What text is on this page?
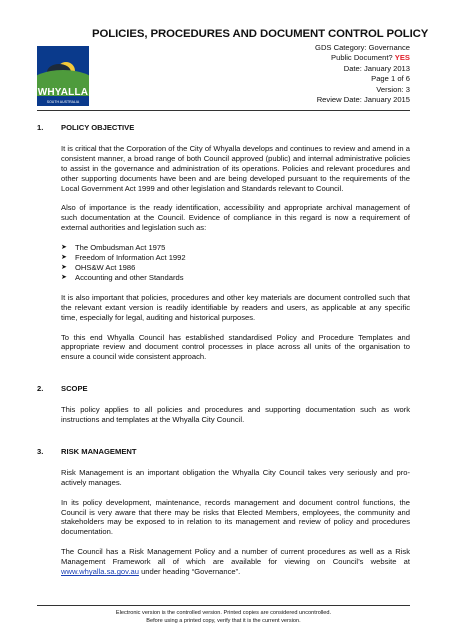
WHYALLA
SOUTH AUSTRALIA
POLICIES, PROCEDURES AND DOCUMENT CONTROL POLICY
GDS Category: Governance
Public Document? YES
Date: January 2013
Page 1 of 6
Version: 3
Review Date: January 2015
1.	POLICY OBJECTIVE

It is critical that the Corporation of the City of Whyalla develops and continues to review and amend in a consistent manner, a broad range of both Council approved (public) and internal administrative policies to assist in the governance and administration of its operations. Policies and relevant procedures and other supporting documents have been and are being developed pursuant to the requirements of the Local Government Act 1999 and other legislation and Standards relevant to Council.

Also of importance is the ready identification, accessibility and appropriate archival management of such documentation at the Council. Evidence of compliance in this regard is now a requirement of external authorities and legislation such as:

➤	The Ombudsman Act 1975
➤	Freedom of Information Act 1992
➤	OHS&W Act 1986
➤	Accounting and other Standards

It is also important that policies, procedures and other key materials are document controlled such that the relevant extant version is readily identifiable by readers and users, as applicable at any specific time, especially for legal, auditing and historical purposes.

To this end Whyalla Council has established standardised Policy and Procedure Templates and appropriate review and document control processes in place across all units of the organisation to ensure a council wide consistent approach.

2.	SCOPE

This policy applies to all policies and procedures and supporting documentation such as work instructions and templates at the Whyalla City Council.

3.	RISK MANAGEMENT

Risk Management is an important obligation the Whyalla City Council takes very seriously and pro-actively manages.

In its policy development, maintenance, records management and document control functions, the Council is very aware that there may be risks that Elected Members, employees, the community and stakeholders may be exposed to in relation to its management and review of policy and procedures documentation.

The Council has a Risk Management Policy and a number of current procedures as well as a Risk Management Framework all of which are available for viewing on Council’s website at www.whyalla.sa.gov.au under heading “Governance”.

Electronic version is the controlled version. Printed copies are considered uncontrolled.
Before using a printed copy, verify that it is the current version.
